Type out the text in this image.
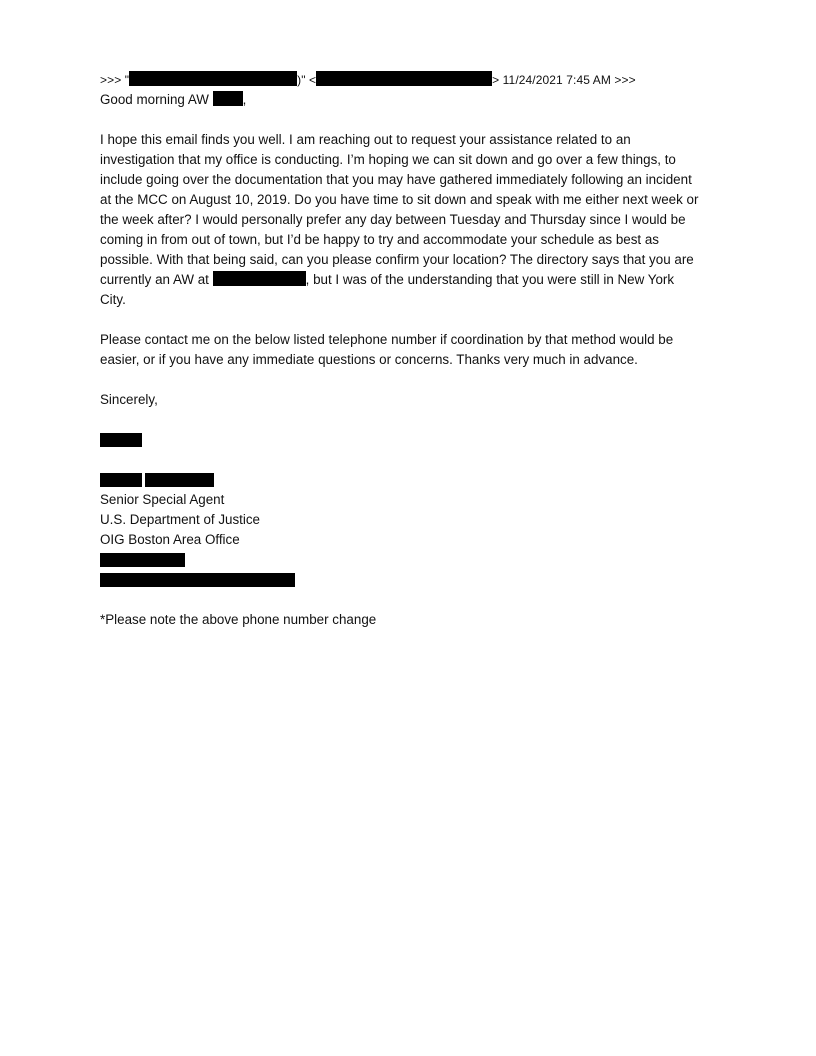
>>> "	)" <	> 11/24/2021 7:45 AM >>>
Good morning AW ,
I hope this email finds you well. I am reaching out to request your assistance related to an
investigation that my office is conducting. I’m hoping we can sit down and go over a few things, to
include going over the documentation that you may have gathered immediately following an incident
at the MCC on August 10, 2019. Do you have time to sit down and speak with me either next week or
the week after? I would personally prefer any day between Tuesday and Thursday since I would be
coming in from out of town, but I’d be happy to try and accommodate your schedule as best as
possible. With that being said, can you please confirm your location? The directory says that you are
currently an AW at	, but I was of the understanding that you were still in New York
City.
Please contact me on the below listed telephone number if coordination by that method would be
easier, or if you have any immediate questions or concerns. Thanks very much in advance.
Sincerely,
Senior Special Agent
U.S. Department of Justice
OIG Boston Area Office
*Please note the above phone number change
